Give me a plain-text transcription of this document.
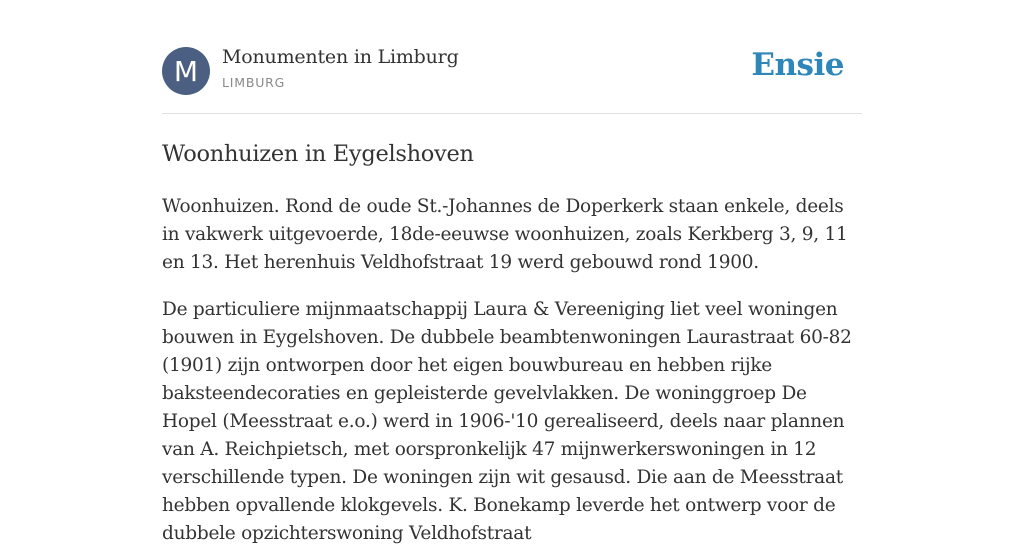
M	Monumenten in Limburg
LIMBURG	Ensie
Woonhuizen in Eygelshoven

Woonhuizen. Rond de oude St.-Johannes de Doperkerk staan enkele, deels in vakwerk uitgevoerde, 18de-eeuwse woonhuizen, zoals Kerkberg 3, 9, 11 en 13. Het herenhuis Veldhofstraat 19 werd gebouwd rond 1900.

De particuliere mijnmaatschappij Laura & Vereeniging liet veel woningen bouwen in Eygelshoven. De dubbele beambtenwoningen Laurastraat 60-82 (1901) zijn ontworpen door het eigen bouwbureau en hebben rijke baksteendecoraties en gepleisterde gevelvlakken. De woninggroep De Hopel (Meesstraat e.o.) werd in 1906-'10 gerealiseerd, deels naar plannen van A. Reichpietsch, met oorspronkelijk 47 mijnwerkerswoningen in 12 verschillende typen. De woningen zijn wit gesausd. Die aan de Meesstraat hebben opvallende klokgevels. K. Bonekamp leverde het ontwerp voor de dubbele opzichterswoning Veldhofstraat
